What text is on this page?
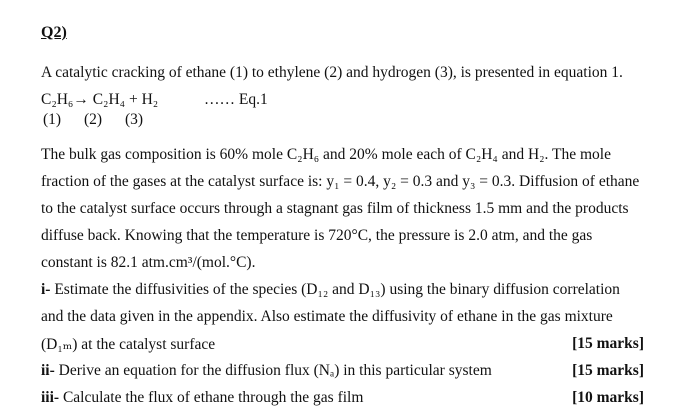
Q2)
A catalytic cracking of ethane (1) to ethylene (2) and hydrogen (3), is presented in equation 1.
C₂H₆→ C₂H₄ + H₂	…… Eq.1
(1) (2) (3)
The bulk gas composition is 60% mole C₂H₆ and 20% mole each of C₂H₄ and H₂. The mole
fraction of the gases at the catalyst surface is: y₁ = 0.4, y₂ = 0.3 and y₃ = 0.3. Diffusion of ethane
to the catalyst surface occurs through a stagnant gas film of thickness 1.5 mm and the products
diffuse back. Knowing that the temperature is 720°C, the pressure is 2.0 atm, and the gas
constant is 82.1 atm.cm³/(mol.°C).
i- Estimate the diffusivities of the species (D₁₂ and D₁₃) using the binary diffusion correlation
and the data given in the appendix. Also estimate the diffusivity of ethane in the gas mixture
(D₁ₘ) at the catalyst surface	[15 marks]
ii- Derive an equation for the diffusion flux (Nₐ) in this particular system	[15 marks]
iii- Calculate the flux of ethane through the gas film	[10 marks]
